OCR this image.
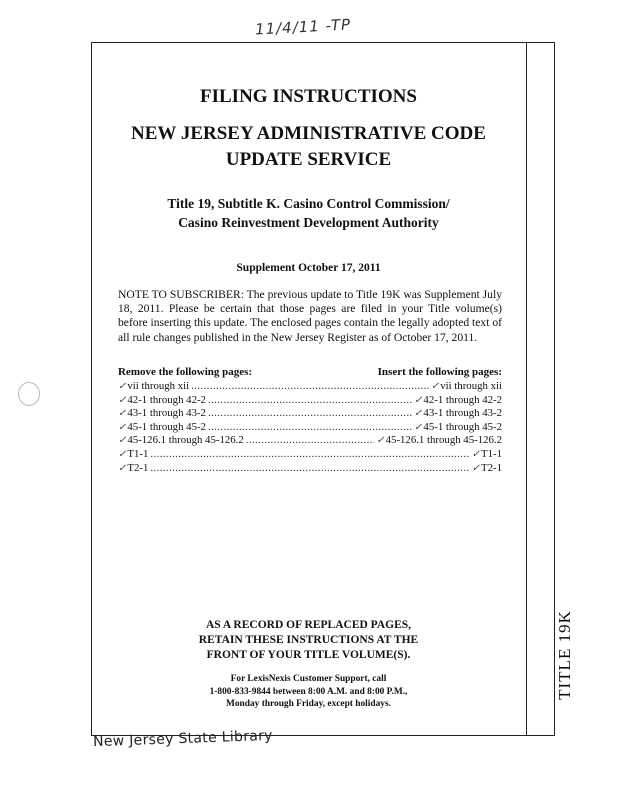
11/4/11 -TP
TITLE 19K
FILING INSTRUCTIONS
NEW JERSEY ADMINISTRATIVE CODE
UPDATE SERVICE
Title 19, Subtitle K. Casino Control Commission/
Casino Reinvestment Development Authority
Supplement October 17, 2011
NOTE TO SUBSCRIBER: The previous update to Title 19K was Supplement July 18, 2011. Please be certain that those pages are filed in your Title volume(s) before inserting this update. The enclosed pages contain the legally adopted text of all rule changes published in the New Jersey Register as of October 17, 2011.
Remove the following pages:	Insert the following pages:
✓ vii through xii .....	✓ vii through xii
✓ 42-1 through 42-2 .....	✓ 42-1 through 42-2
✓ 43-1 through 43-2 .....	✓ 43-1 through 43-2
✓ 45-1 through 45-2 .....	✓ 45-1 through 45-2
✓ 45-126.1 through 45-126.2 .....	✓ 45-126.1 through 45-126.2
✓ T1-1 .....	✓ T1-1
✓ T2-1 .....	✓ T2-1
AS A RECORD OF REPLACED PAGES,
RETAIN THESE INSTRUCTIONS AT THE
FRONT OF YOUR TITLE VOLUME(S).
For LexisNexis Customer Support, call
1-800-833-9844 between 8:00 A.M. and 8:00 P.M.,
Monday through Friday, except holidays.
New Jersey State Library
